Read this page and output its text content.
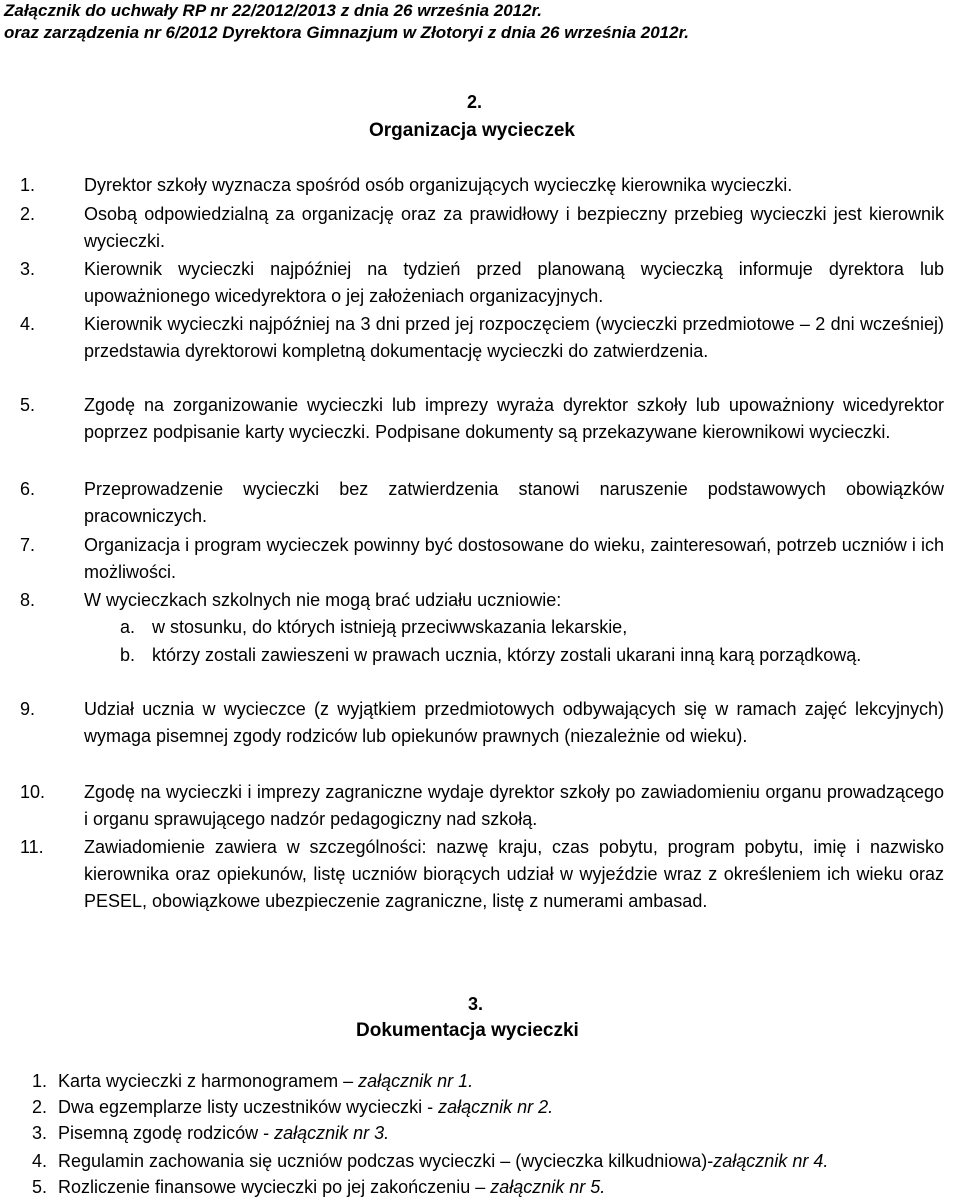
Załącznik do uchwały RP nr 22/2012/2013 z dnia 26 września 2012r.
oraz zarządzenia nr 6/2012 Dyrektora Gimnazjum w Złotoryi z dnia 26 września 2012r.
2.
Organizacja wycieczek
1.	Dyrektor szkoły wyznacza spośród osób organizujących wycieczkę kierownika wycieczki.
2.	Osobą odpowiedzialną za organizację oraz za prawidłowy i bezpieczny przebieg wycieczki jest kierownik wycieczki.
3.	Kierownik wycieczki najpóźniej na tydzień przed planowaną wycieczką informuje dyrektora lub upoważnionego wicedyrektora o jej założeniach organizacyjnych.
4.	Kierownik wycieczki najpóźniej na 3 dni przed jej rozpoczęciem (wycieczki przedmiotowe – 2 dni wcześniej) przedstawia dyrektorowi kompletną dokumentację wycieczki do zatwierdzenia.
5.	Zgodę na zorganizowanie wycieczki lub imprezy wyraża dyrektor szkoły lub upoważniony wicedyrektor poprzez podpisanie karty wycieczki. Podpisane dokumenty są przekazywane kierownikowi wycieczki.
6.	Przeprowadzenie wycieczki bez zatwierdzenia stanowi naruszenie podstawowych obowiązków pracowniczych.
7.	Organizacja i program wycieczek powinny być dostosowane do wieku, zainteresowań, potrzeb uczniów i ich możliwości.
8.	W wycieczkach szkolnych nie mogą brać udziału uczniowie:
a. w stosunku, do których istnieją przeciwwskazania lekarskie,
b. którzy zostali zawieszeni w prawach ucznia, którzy zostali ukarani inną karą porządkową.
9.	Udział ucznia w wycieczce (z wyjątkiem przedmiotowych odbywających się w ramach zajęć lekcyjnych) wymaga pisemnej zgody rodziców lub opiekunów prawnych (niezależnie od wieku).
10. Zgodę na wycieczki i imprezy zagraniczne wydaje dyrektor szkoły po zawiadomieniu organu prowadzącego i organu sprawującego nadzór pedagogiczny nad szkołą.
11. Zawiadomienie zawiera w szczególności: nazwę kraju, czas pobytu, program pobytu, imię i nazwisko kierownika oraz opiekunów, listę uczniów biorących udział w wyjeździe wraz z określeniem ich wieku oraz PESEL, obowiązkowe ubezpieczenie zagraniczne, listę z numerami ambasad.
3.
Dokumentacja wycieczki
1. Karta wycieczki z harmonogramem – załącznik nr 1.
2. Dwa egzemplarze listy uczestników wycieczki - załącznik nr 2.
3. Pisemną zgodę rodziców - załącznik nr 3.
4. Regulamin zachowania się uczniów podczas wycieczki – (wycieczka kilkudniowa)-załącznik nr 4.
5. Rozliczenie finansowe wycieczki po jej zakończeniu – załącznik nr 5.
